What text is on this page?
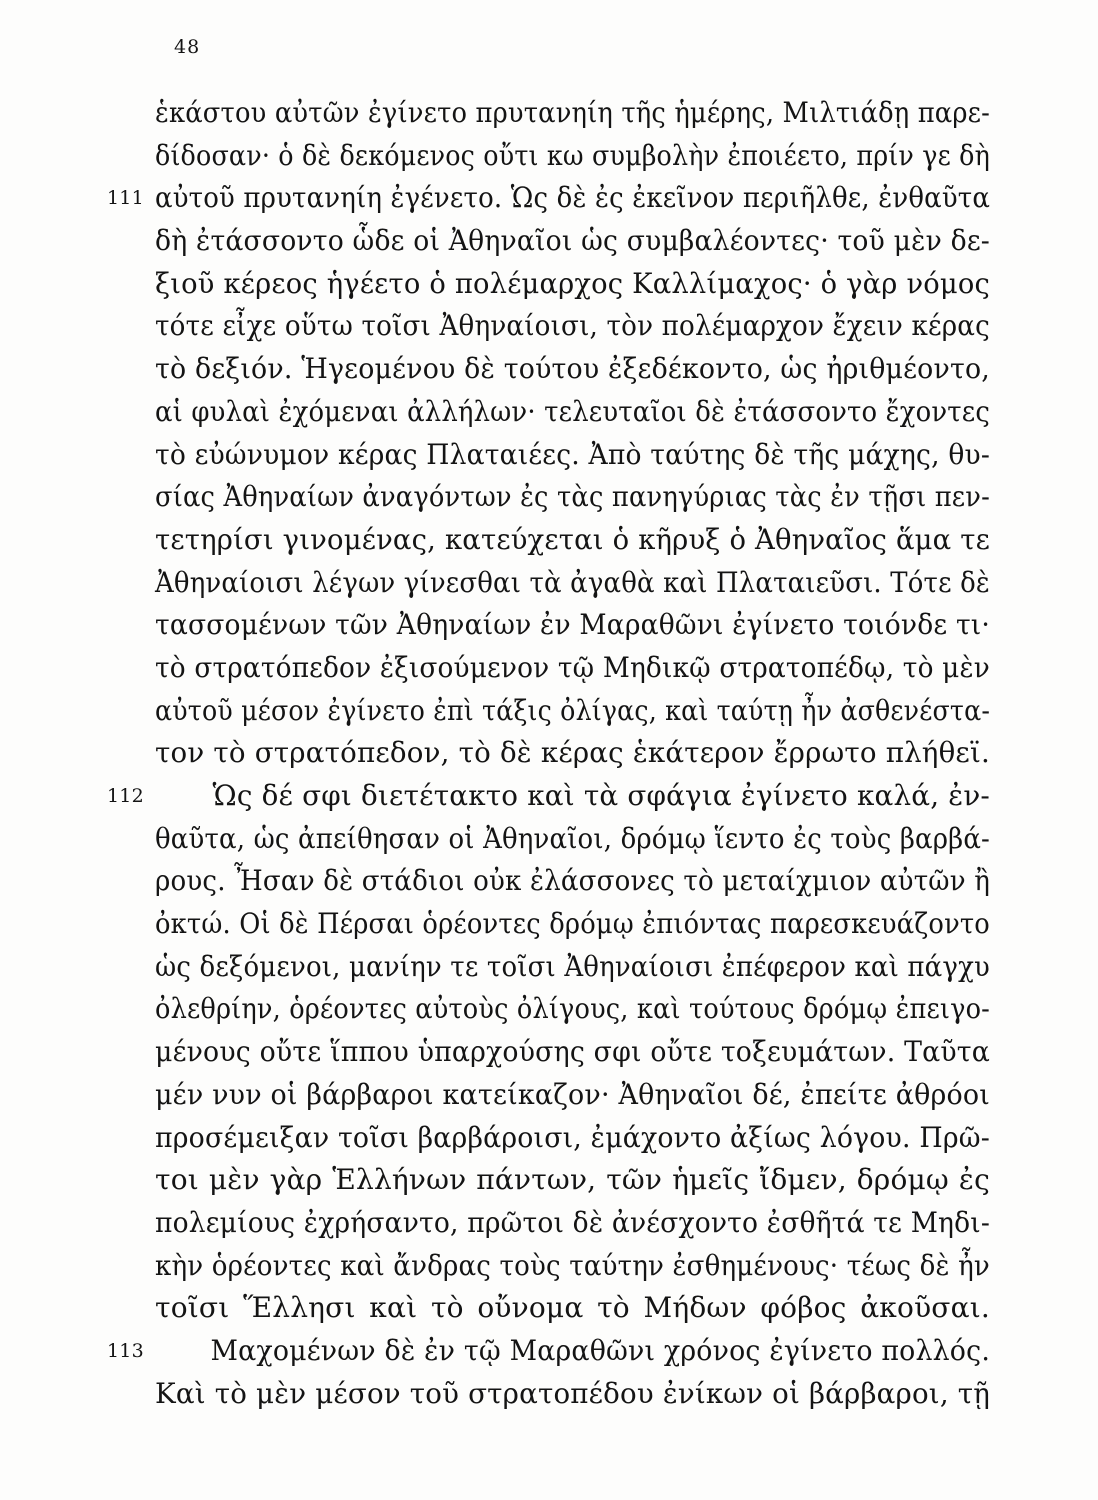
48
ἑκάστου αὐτῶν ἐγίνετο πρυτανηίη τῆς ἡμέρης, Μιλτιάδῃ παρε-
δίδοσαν· ὁ δὲ δεκόμενος οὔτι κω συμβολὴν ἐποιέετο, πρίν γε δὴ
111 αὐτοῦ πρυτανηίη ἐγένετο. Ὡς δὲ ἐς ἐκεῖνον περιῆλθε, ἐνθαῦτα
δὴ ἐτάσσοντο ὧδε οἱ Ἀθηναῖοι ὡς συμβαλέοντες· τοῦ μὲν δε-
ξιοῦ κέρεος ἡγέετο ὁ πολέμαρχος Καλλίμαχος· ὁ γὰρ νόμος
τότε εἶχε οὕτω τοῖσι Ἀθηναίοισι, τὸν πολέμαρχον ἔχειν κέρας
τὸ δεξιόν. Ἡγεομένου δὲ τούτου ἐξεδέκοντο, ὡς ἠριθμέοντο,
αἱ φυλαὶ ἐχόμεναι ἀλλήλων· τελευταῖοι δὲ ἐτάσσοντο ἔχοντες
τὸ εὐώνυμον κέρας Πλαταιέες. Ἀπὸ ταύτης δὲ τῆς μάχης, θυ-
σίας Ἀθηναίων ἀναγόντων ἐς τὰς πανηγύριας τὰς ἐν τῇσι πεν-
τετηρίσι γινομένας, κατεύχεται ὁ κῆρυξ ὁ Ἀθηναῖος ἅμα τε
Ἀθηναίοισι λέγων γίνεσθαι τὰ ἀγαθὰ καὶ Πλαταιεῦσι. Τότε δὲ
τασσομένων τῶν Ἀθηναίων ἐν Μαραθῶνι ἐγίνετο τοιόνδε τι·
τὸ στρατόπεδον ἐξισούμενον τῷ Μηδικῷ στρατοπέδῳ, τὸ μὲν
αὐτοῦ μέσον ἐγίνετο ἐπὶ τάξις ὀλίγας, καὶ ταύτῃ ἦν ἀσθενέστα-
τον τὸ στρατόπεδον, τὸ δὲ κέρας ἑκάτερον ἔρρωτο πλήθεϊ.
112 Ὡς δέ σφι διετέτακτο καὶ τὰ σφάγια ἐγίνετο καλά, ἐν-
θαῦτα, ὡς ἀπείθησαν οἱ Ἀθηναῖοι, δρόμῳ ἵεντο ἐς τοὺς βαρβά-
ρους. Ἦσαν δὲ στάδιοι οὐκ ἐλάσσονες τὸ μεταίχμιον αὐτῶν ἢ
ὀκτώ. Οἱ δὲ Πέρσαι ὁρέοντες δρόμῳ ἐπιόντας παρεσκευάζοντο
ὡς δεξόμενοι, μανίην τε τοῖσι Ἀθηναίοισι ἐπέφερον καὶ πάγχυ
ὀλεθρίην, ὁρέοντες αὐτοὺς ὀλίγους, καὶ τούτους δρόμῳ ἐπειγο-
μένους οὔτε ἵππου ὑπαρχούσης σφι οὔτε τοξευμάτων. Ταῦτα
μέν νυν οἱ βάρβαροι κατείκαζον· Ἀθηναῖοι δέ, ἐπείτε ἀθρόοι
προσέμειξαν τοῖσι βαρβάροισι, ἐμάχοντο ἀξίως λόγου. Πρῶ-
τοι μὲν γὰρ Ἑλλήνων πάντων, τῶν ἡμεῖς ἴδμεν, δρόμῳ ἐς
πολεμίους ἐχρήσαντο, πρῶτοι δὲ ἀνέσχοντο ἐσθῆτά τε Μηδι-
κὴν ὁρέοντες καὶ ἄνδρας τοὺς ταύτην ἐσθημένους· τέως δὲ ἦν
τοῖσι Ἕλλησι καὶ τὸ οὔνομα τὸ Μήδων φόβος ἀκοῦσαι.
113 Μαχομένων δὲ ἐν τῷ Μαραθῶνι χρόνος ἐγίνετο πολλός.
Καὶ τὸ μὲν μέσον τοῦ στρατοπέδου ἐνίκων οἱ βάρβαροι, τῇ
